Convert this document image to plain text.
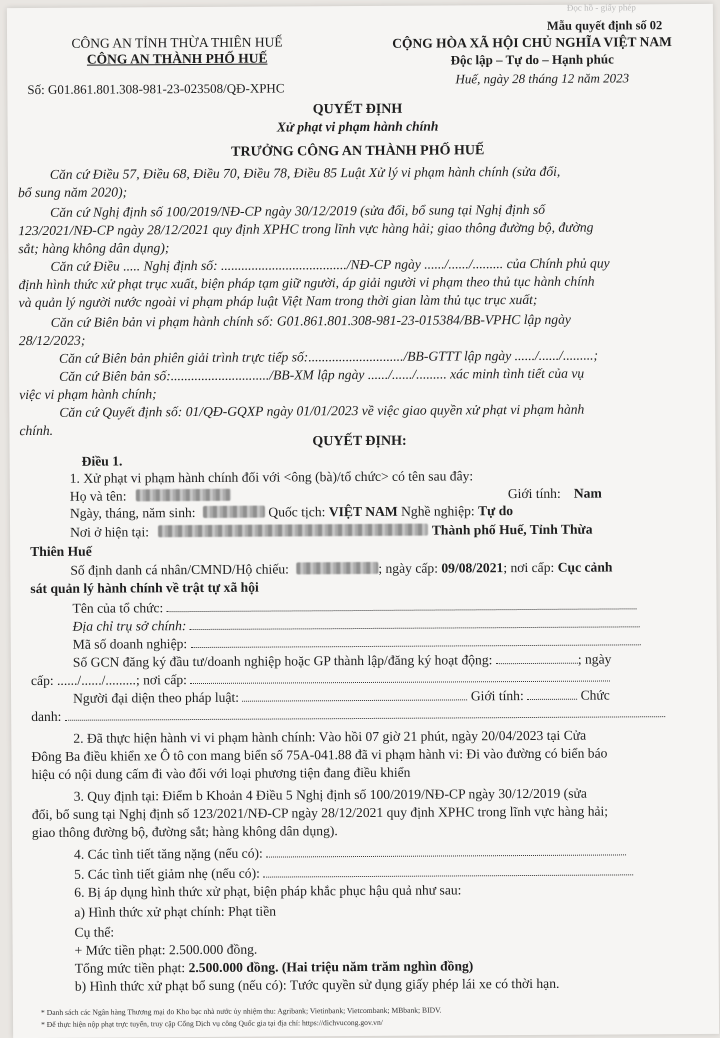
Đọc hồ - giấy phép
Mẫu quyết định số 02
CÔNG AN TỈNH THỪA THIÊN HUẾ
CÔNG AN THÀNH PHỐ HUẾ
CỘNG HÒA XÃ HỘI CHỦ NGHĨA VIỆT NAM
Độc lập – Tự do – Hạnh phúc
Số: G01.861.801.308-981-23-023508/QĐ-XPHC
Huế, ngày 28 tháng 12 năm 2023
QUYẾT ĐỊNH
Xử phạt vi phạm hành chính
TRƯỞNG CÔNG AN THÀNH PHỐ HUẾ
Căn cứ Điều 57, Điều 68, Điều 70, Điều 78, Điều 85 Luật Xử lý vi phạm hành chính (sửa đổi,
bổ sung năm 2020);
Căn cứ Nghị định số 100/2019/NĐ-CP ngày 30/12/2019 (sửa đổi, bổ sung tại Nghị định số
123/2021/NĐ-CP ngày 28/12/2021 quy định XPHC trong lĩnh vực hàng hải; giao thông đường bộ, đường
sắt; hàng không dân dụng);
Căn cứ Điều ..... Nghị định số: ...................................../NĐ-CP ngày ....../....../......... của Chính phủ quy
định hình thức xử phạt trục xuất, biện pháp tạm giữ người, áp giải người vi phạm theo thủ tục hành chính
và quản lý người nước ngoài vi phạm pháp luật Việt Nam trong thời gian làm thủ tục trục xuất;
Căn cứ Biên bản vi phạm hành chính số: G01.861.801.308-981-23-015384/BB-VPHC lập ngày
28/12/2023;
Căn cứ Biên bản phiên giải trình trực tiếp số:............................/BB-GTTT lập ngày ....../....../.........;
Căn cứ Biên bản số:............................./BB-XM lập ngày ....../....../......... xác minh tình tiết của vụ
việc vi phạm hành chính;
Căn cứ Quyết định số: 01/QĐ-GQXP ngày 01/01/2023 về việc giao quyền xử phạt vi phạm hành
chính.
QUYẾT ĐỊNH:
Điều 1.
1. Xử phạt vi phạm hành chính đối với <ông (bà)/tổ chức> có tên sau đây:
Họ và tên:	Giới tính: Nam
Ngày, tháng, năm sinh:	Quốc tịch: VIỆT NAM Nghề nghiệp: Tự do
Nơi ở hiện tại:	Thành phố Huế, Tỉnh Thừa
Thiên Huế
Số định danh cá nhân/CMND/Hộ chiếu:	; ngày cấp: 09/08/2021; nơi cấp: Cục cảnh
sát quản lý hành chính về trật tự xã hội
Tên của tổ chức:
Địa chỉ trụ sở chính:
Mã số doanh nghiệp:
Số GCN đăng ký đầu tư/doanh nghiệp hoặc GP thành lập/đăng ký hoạt động:	; ngày
cấp: ....../....../.........; nơi cấp:
Người đại diện theo pháp luật:	Giới tính:	Chức
danh:
2. Đã thực hiện hành vi vi phạm hành chính: Vào hồi 07 giờ 21 phút, ngày 20/04/2023 tại Cửa
Đông Ba điều khiển xe Ô tô con mang biển số 75A-041.88 đã vi phạm hành vi: Đi vào đường có biển báo
hiệu có nội dung cấm đi vào đối với loại phương tiện đang điều khiển
3. Quy định tại: Điểm b Khoản 4 Điều 5 Nghị định số 100/2019/NĐ-CP ngày 30/12/2019 (sửa
đổi, bổ sung tại Nghị định số 123/2021/NĐ-CP ngày 28/12/2021 quy định XPHC trong lĩnh vực hàng hải;
giao thông đường bộ, đường sắt; hàng không dân dụng).
4. Các tình tiết tăng nặng (nếu có):
5. Các tình tiết giảm nhẹ (nếu có):
6. Bị áp dụng hình thức xử phạt, biện pháp khắc phục hậu quả như sau:
a) Hình thức xử phạt chính: Phạt tiền
Cụ thể:
+ Mức tiền phạt: 2.500.000 đồng.
Tổng mức tiền phạt: 2.500.000 đồng. (Hai triệu năm trăm nghìn đồng)
b) Hình thức xử phạt bổ sung (nếu có): Tước quyền sử dụng giấy phép lái xe có thời hạn.
* Danh sách các Ngân hàng Thương mại do Kho bạc nhà nước ủy nhiệm thu: Agribank; Vietinbank; Vietcombank; MBbank; BIDV.
* Để thực hiện nộp phạt trực tuyến, truy cập Cổng Dịch vụ công Quốc gia tại địa chỉ: https://dichvucong.gov.vn/
